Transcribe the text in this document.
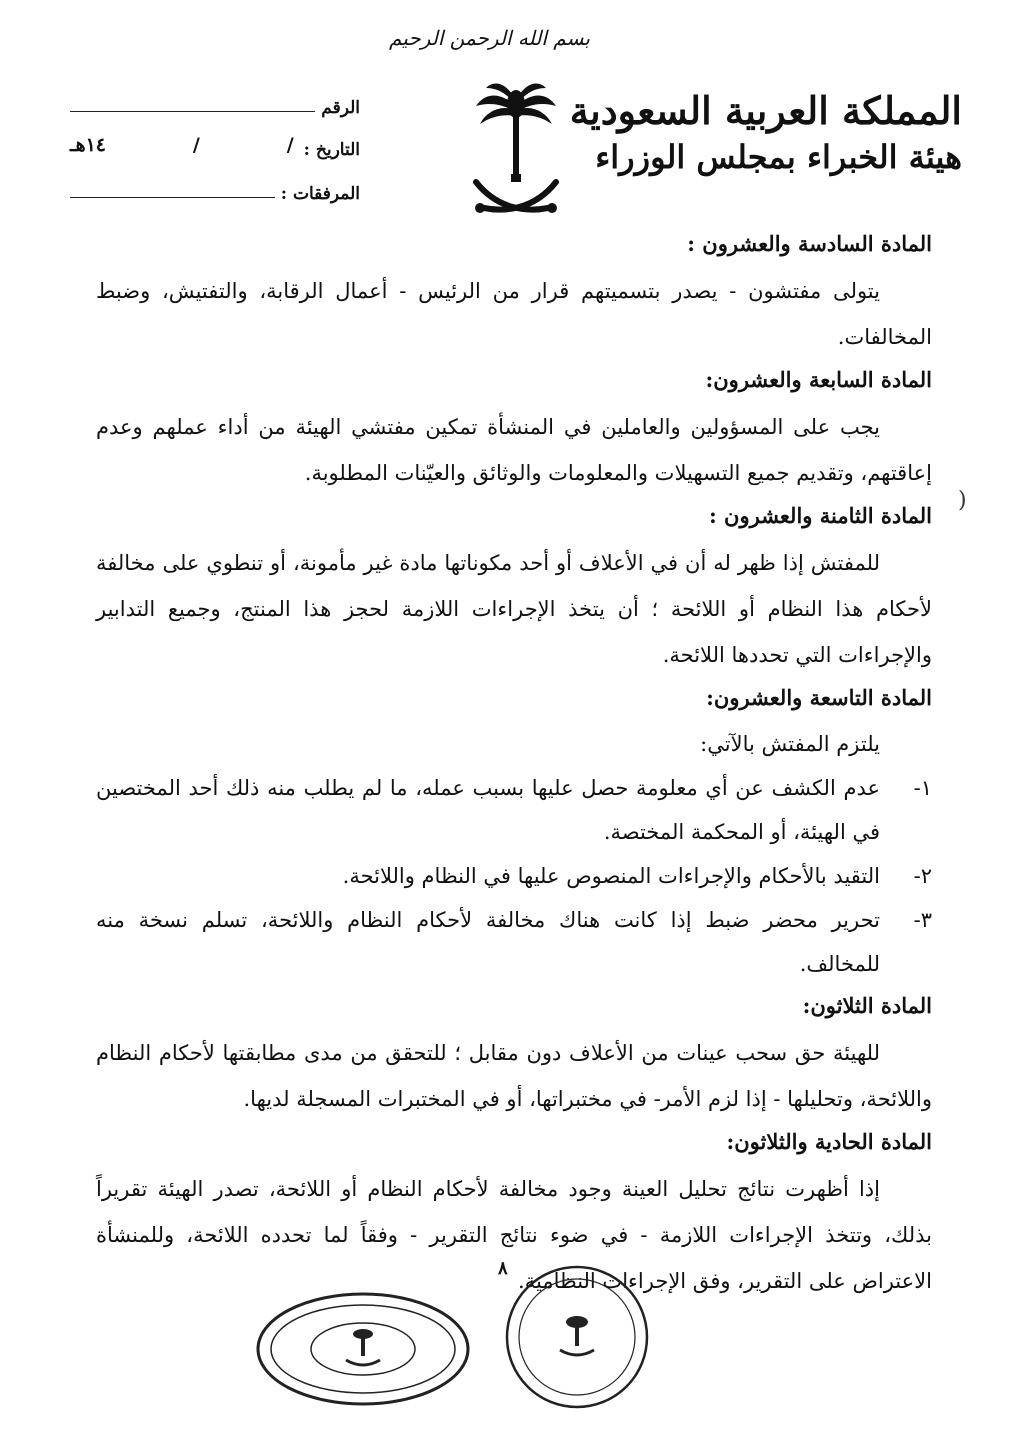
بسم الله الرحمن الرحيم
المملكة العربية السعودية
هيئة الخبراء بمجلس الوزراء
الرقم
التاريخ :
/
/
١٤هـ
المرفقات :
المادة السادسة والعشرون :

يتولى مفتشون - يصدر بتسميتهم قرار من الرئيس - أعمال الرقابة، والتفتيش، وضبط المخالفات.

المادة السابعة والعشرون:

يجب على المسؤولين والعاملين في المنشأة تمكين مفتشي الهيئة من أداء عملهم وعدم إعاقتهم، وتقديم جميع التسهيلات والمعلومات والوثائق والعيّنات المطلوبة.

المادة الثامنة والعشرون :

للمفتش إذا ظهر له أن في الأعلاف أو أحد مكوناتها مادة غير مأمونة، أو تنطوي على مخالفة لأحكام هذا النظام أو اللائحة ؛ أن يتخذ الإجراءات اللازمة لحجز هذا المنتج، وجميع التدابير والإجراءات التي تحددها اللائحة.

المادة التاسعة والعشرون:
يلتزم المفتش بالآتي:
١-
عدم الكشف عن أي معلومة حصل عليها بسبب عمله، ما لم يطلب منه ذلك أحد المختصين في الهيئة، أو المحكمة المختصة.
٢-
التقيد بالأحكام والإجراءات المنصوص عليها في النظام واللائحة.
٣-
تحرير محضر ضبط إذا كانت هناك مخالفة لأحكام النظام واللائحة، تسلم نسخة منه للمخالف.
المادة الثلاثون:

للهيئة حق سحب عينات من الأعلاف دون مقابل ؛ للتحقق من مدى مطابقتها لأحكام النظام واللائحة، وتحليلها - إذا لزم الأمر- في مختبراتها، أو في المختبرات المسجلة لديها.

المادة الحادية والثلاثون:

إذا أظهرت نتائج تحليل العينة وجود مخالفة لأحكام النظام أو اللائحة، تصدر الهيئة تقريراً بذلك، وتتخذ الإجراءات اللازمة - في ضوء نتائج التقرير - وفقاً لما تحدده اللائحة، وللمنشأة الاعتراض على التقرير، وفق الإجراءات النظامية.

)
٨
